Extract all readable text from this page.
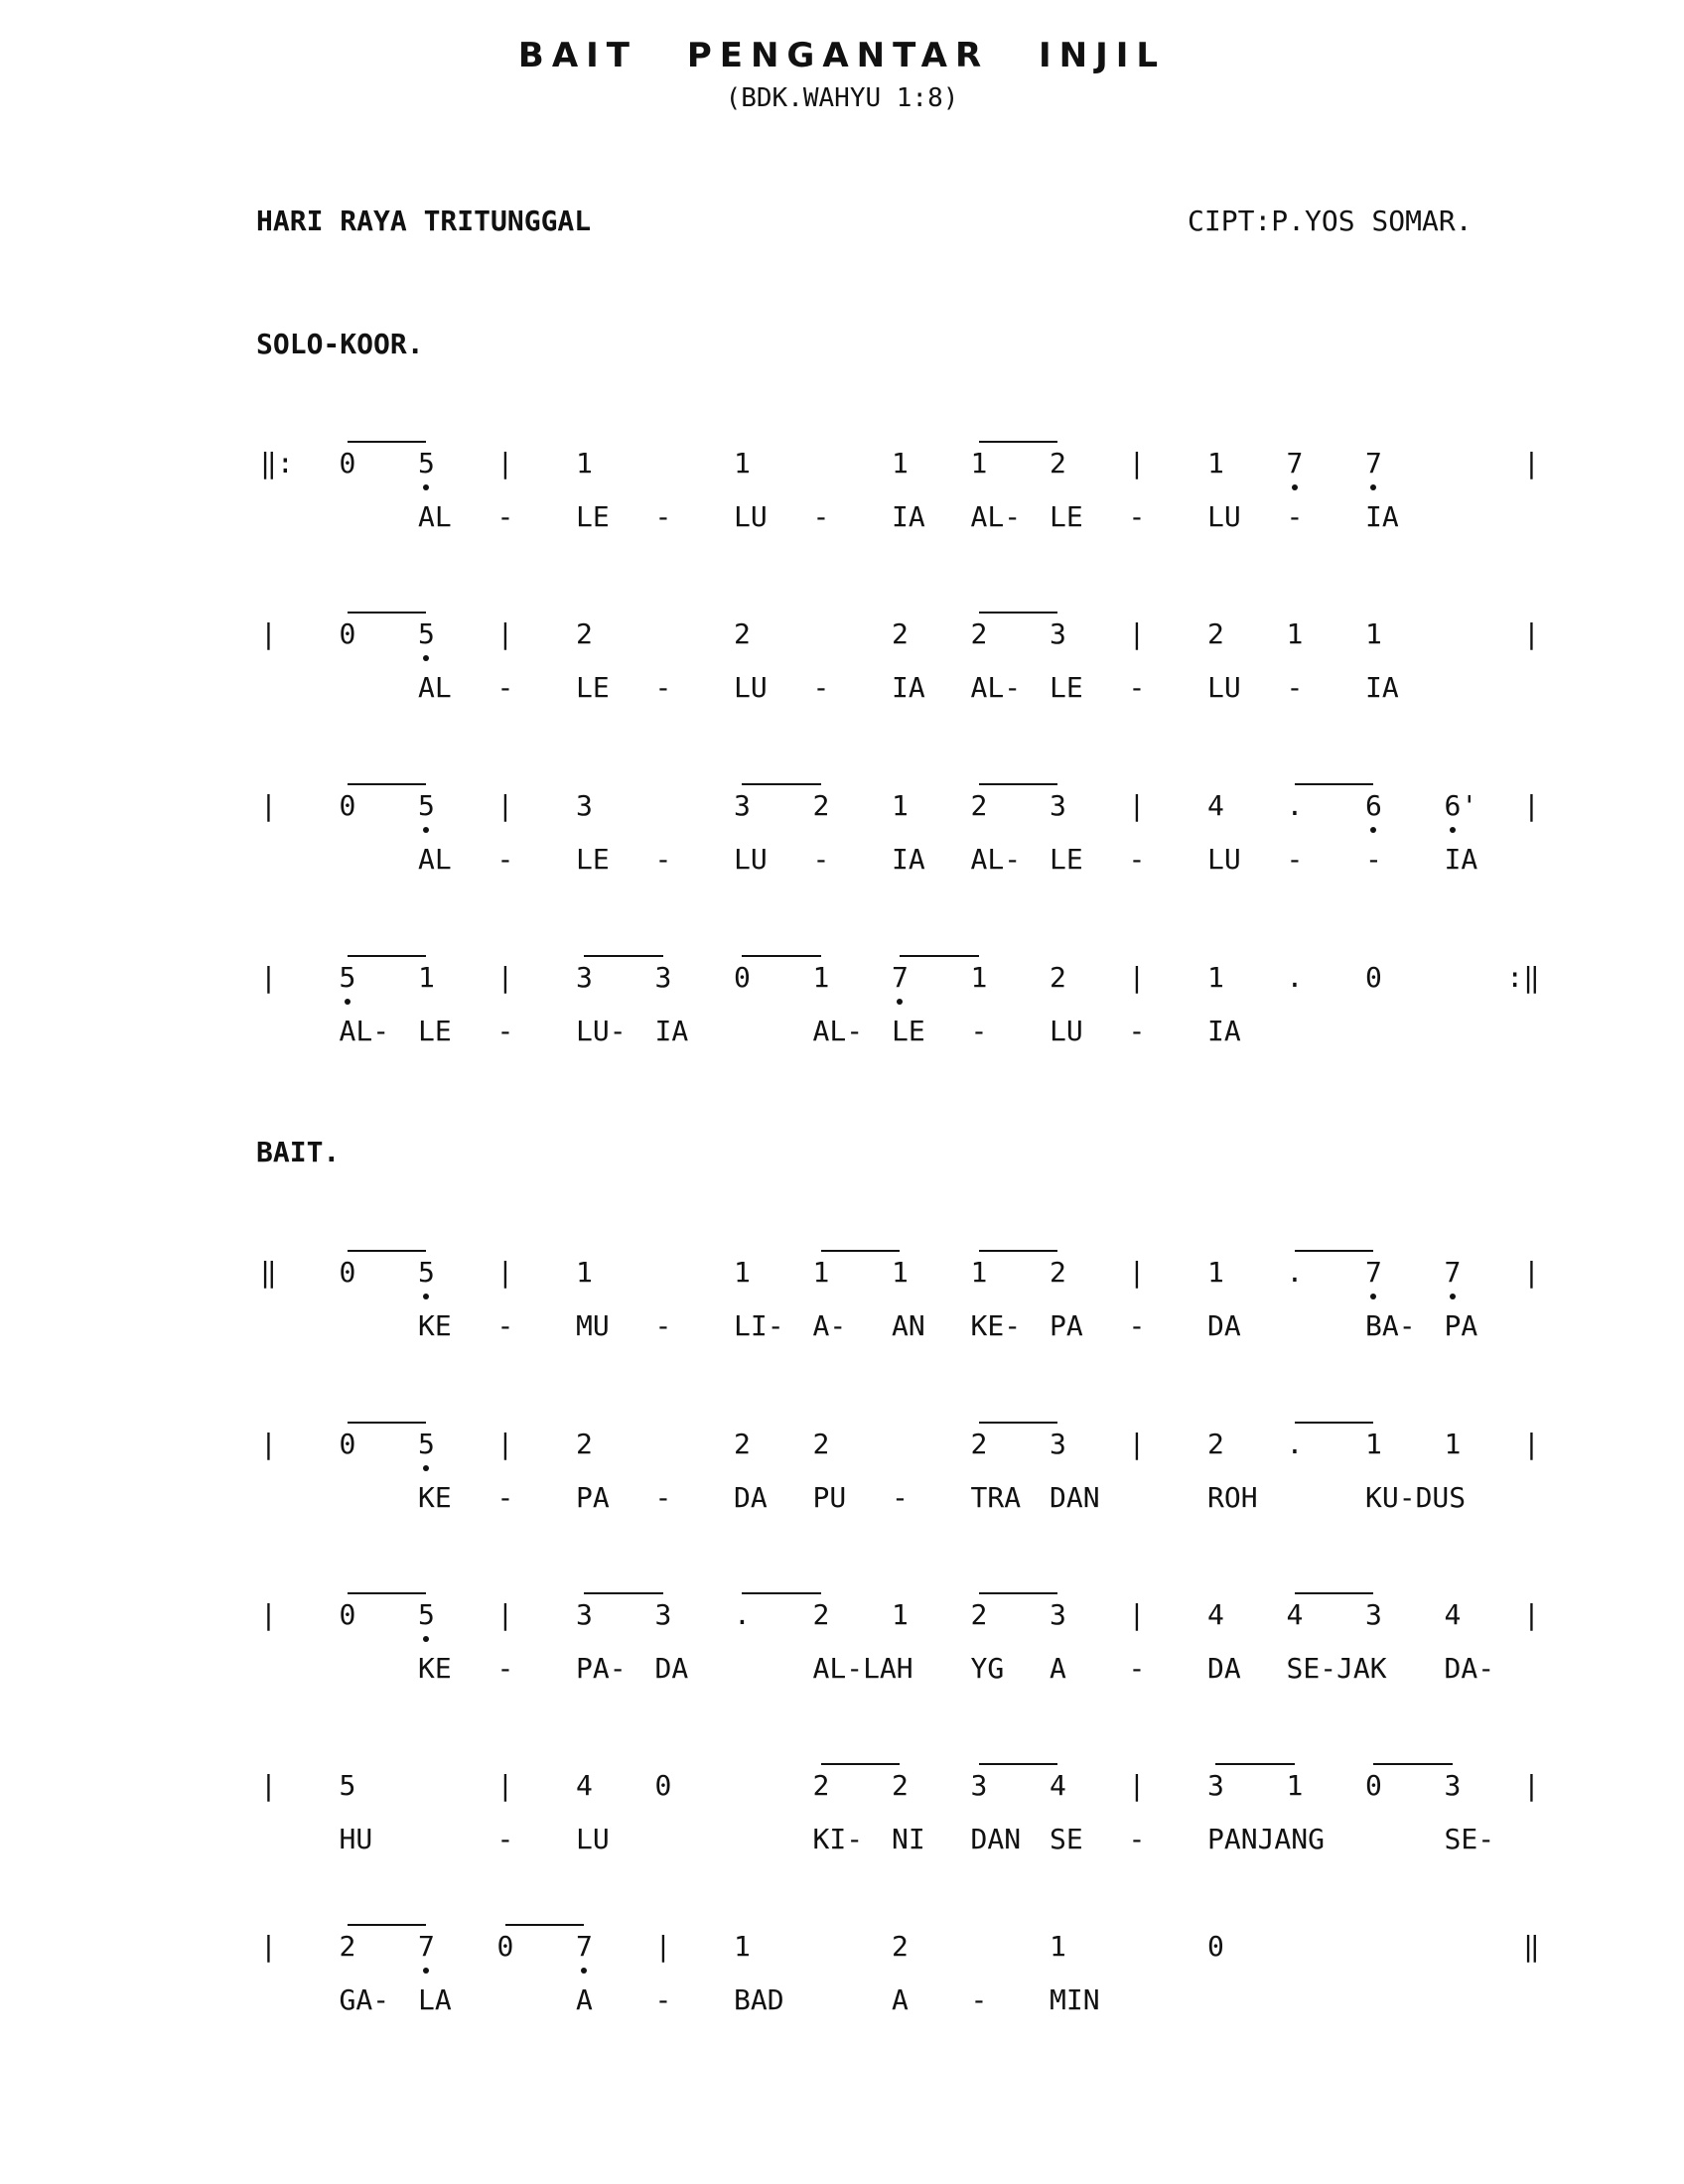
BAIT PENGANTAR INJIL
(BDK.WAHYU 1:8)
HARI RAYA TRITUNGGAL	CIPT:P.YOS SOMAR.
SOLO-KOOR.
‖: 0 5 | 1	1	1 1 2 | 1 7 7	|
AL - LE - LU - IA AL- LE - LU - IA
| 0 5 | 2	2	2 2 3 | 2 1 1	|
AL - LE - LU - IA AL- LE - LU - IA
| 0 5 | 3	3 2 1 2 3 | 4 . 6 6' |
AL - LE - LU - IA AL- LE - LU - - IA
| 5 1 | 3 3 0 1 7 1 2 | 1 . 0	:‖
AL- LE - LU- IA	AL- LE - LU - IA
BAIT.
‖ 0 5 | 1	1 1 1 1 2 | 1 . 7 7 |
KE - MU - LI- A- AN KE- PA - DA	BA- PA
| 0 5 | 2	2 2	2 3 | 2 . 1 1 |
KE - PA - DA PU - TRA DAN	ROH	KU-DUS
| 0 5 | 3 3 . 2 1 2 3 | 4 4 3 4 |
KE - PA- DA	AL-LAH YG A - DA SE-JAK DA-
| 5	| 4 0	2 2 3 4 | 3 1 0 3 |
HU	- LU	KI- NI DAN SE - PANJANG	SE-
| 2 7 0 7 | 1	2	1	0	‖
GA- LA	A - BAD	A - MIN
